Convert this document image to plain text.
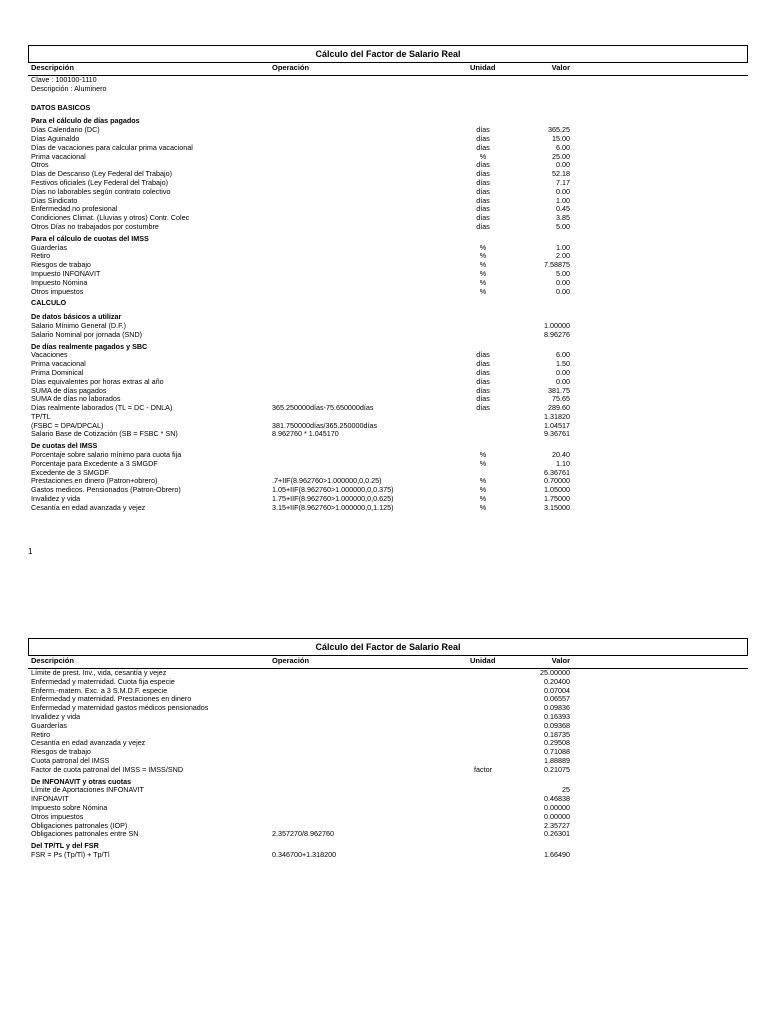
Cálculo del Factor de Salario Real
Descripción	Operación	Unidad	Valor
Clave : 100100-1110
Descripción : Aluminero
DATOS BASICOS
Para el cálculo de días pagados
Días Calendario (DC)	días	365.25
Días Aguinaldo	días	15.00
Días de vacaciones para calcular prima vacacional	días	6.00
Prima vacacional	%	25.00
Otros	días	0.00
Días de Descanso (Ley Federal del Trabajo)	días	52.18
Festivos oficiales (Ley Federal del Trabajo)	días	7.17
Días no laborables según contrato colectivo	días	0.00
Días Sindicato	días	1.00
Enfermedad no profesional	días	0.45
Condiciones Climat. (Lluvias y otros) Contr. Colec	días	3.85
Otros Días no trabajados por costumbre	días	5.00
Para el cálculo de cuotas del IMSS
Guarderías	%	1.00
Retiro	%	2.00
Riesgos de trabajo	%	7.58875
Impuesto INFONAVIT	%	5.00
Impuesto Nómina	%	0.00
Otros impuestos	%	0.00
CALCULO
De datos básicos a utilizar
Salario Mínimo General (D.F.)	1.00000
Salario Nominal por jornada (SND)	8.96276
De días realmente pagados y SBC
Vacaciones	días	6.00
Prima vacacional	días	1.50
Prima Dominical	días	0.00
Días equivalentes por horas extras al año	días	0.00
SUMA de días pagados	días	381.75
SUMA de días no laborados	días	75.65
Días realmente laborados (TL = DC - DNLA)	365.250000días-75.650000días	días	289.60
TP/TL	1.31820
(FSBC = DPA/DPCAL)	381.750000días/365.250000días	1.04517
Salario Base de Cotización (SB = FSBC * SN)	8.962760 * 1.045170	9.36761
De cuotas del IMSS
Porcentaje sobre salario mínimo para cuota fija	%	20.40
Porcentaje para Excedente a 3 SMGDF	%	1.10
Excedente de 3 SMGDF	6.36761
Prestaciones en dinero (Patron+obrero)	.7+IIF(8.962760>1.000000,0,0.25)	%	0.70000
Gastos medicos. Pensionados (Patron-Obrero)	1.05+IIF(8.962760>1.000000,0,0.375)	%	1.05000
Invalidez y vida	1.75+IIF(8.962760>1.000000,0,0.625)	%	1.75000
Cesantía en edad avanzada y vejez	3.15+IIF(8.962760>1.000000,0,1.125)	%	3.15000
1
Cálculo del Factor de Salario Real
Descripción	Operación	Unidad	Valor
Límite de prest. Inv., vida, cesantía y vejez	25.00000
Enfermedad y maternidad. Cuota fija especie	0.20400
Enferm.-matern. Exc. a 3 S.M.D.F. especie	0.07004
Enfermedad y maternidad. Prestaciones en dinero	0.06557
Enfermedad y maternidad gastos médicos pensionados	0.09836
Invalidez y vida	0.16393
Guarderías	0.09368
Retiro	0.18735
Cesantía en edad avanzada y vejez	0.29508
Riesgos de trabajo	0.71088
Cuota patronal del IMSS	1.88889
Factor de cuota patronal del IMSS = IMSS/SND	factor	0.21075
De INFONAVIT y otras cuotas
Límite de Aportaciones INFONAVIT	25
INFONAVIT	0.46838
Impuesto sobre Nómina	0.00000
Otros impuestos	0.00000
Obligaciones patronales (IOP)	2.35727
Obligaciones patronales entre SN	2.357270/8.962760	0.26301
Del TP/TL y del FSR
FSR = Ps (Tp/Tl) + Tp/Tl	0.346700+1.318200	1.66490
